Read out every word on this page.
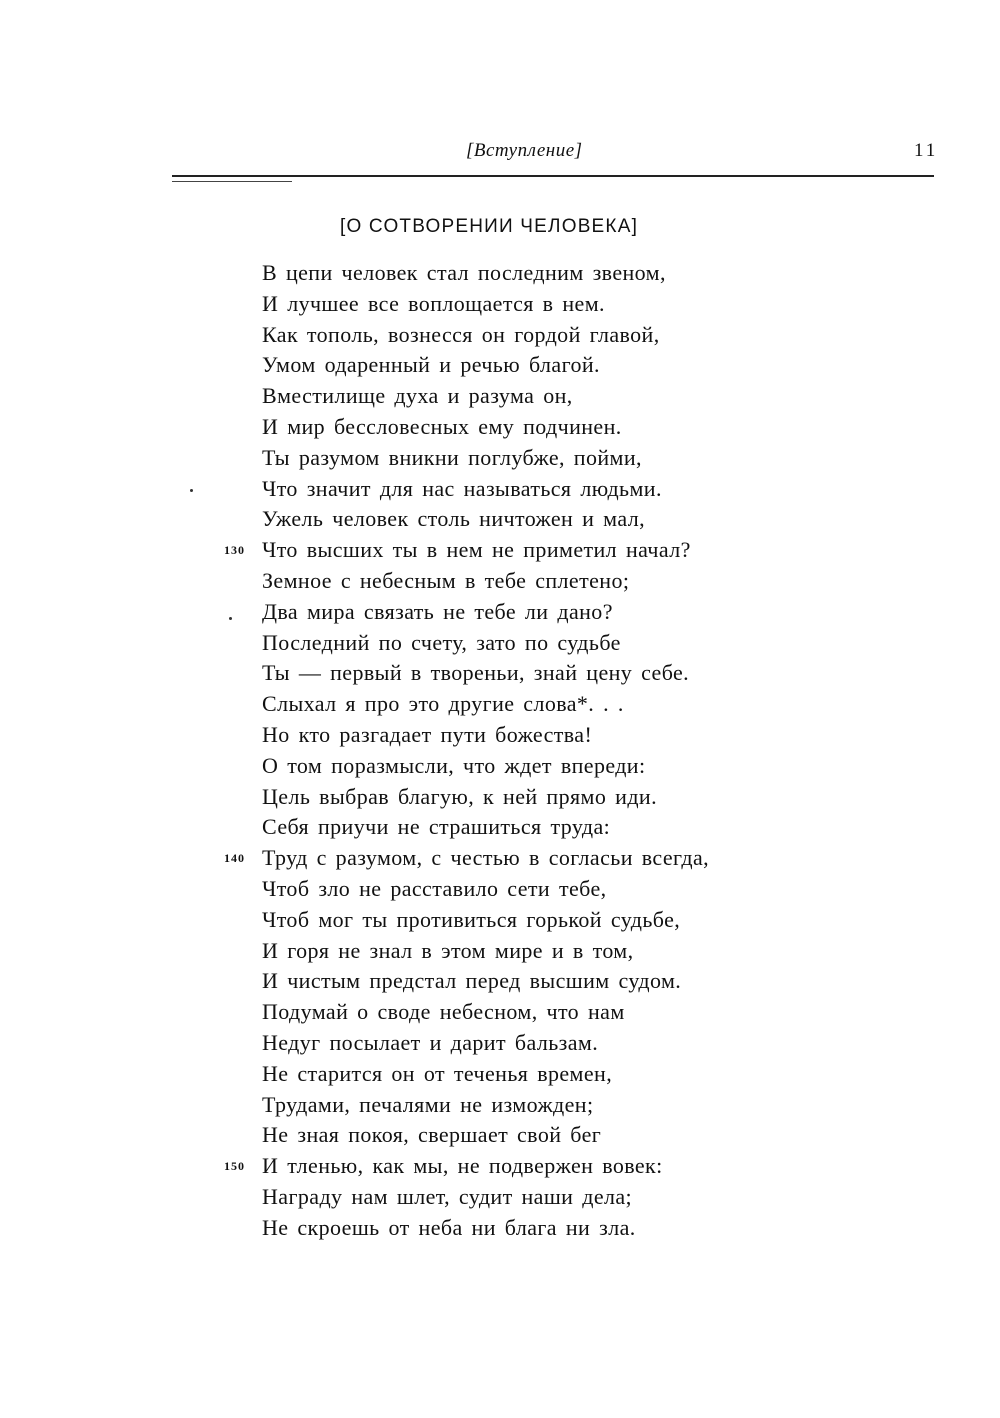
[Вступление]	11
[О СОТВОРЕНИИ ЧЕЛОВЕКА]
В цепи человек стал последним звеном,
И лучшее все воплощается в нем.
Как тополь, вознесся он гордой главой,
Умом одаренный и речью благой.
Вместилище духа и разума он,
И мир бессловесных ему подчинен.
Ты разумом вникни поглубже, пойми,
Что значит для нас называться людьми.
Ужель человек столь ничтожен и мал,
Что высших ты в нем не приметил начал?
Земное с небесным в тебе сплетено;
Два мира связать не тебе ли дано?
Последний по счету, зато по судьбе
Ты — первый в твореньи, знай цену себе.
Слыхал я про это другие слова*. . .
Но кто разгадает пути божества!
О том поразмысли, что ждет впереди:
Цель выбрав благую, к ней прямо иди.
Себя приучи не страшиться труда:
Труд с разумом, с честью в согласьи всегда,
Чтоб зло не расставило сети тебе,
Чтоб мог ты противиться горькой судьбе,
И горя не знал в этом мире и в том,
И чистым предстал перед высшим судом.
Подумай о своде небесном, что нам
Недуг посылает и дарит бальзам.
Не старится он от теченья времен,
Трудами, печалями не изможден;
Не зная покоя, свершает свой бег
И тленью, как мы, не подвержен вовек:
Награду нам шлет, судит наши дела;
Не скроешь от неба ни блага ни зла.
130
140
150
